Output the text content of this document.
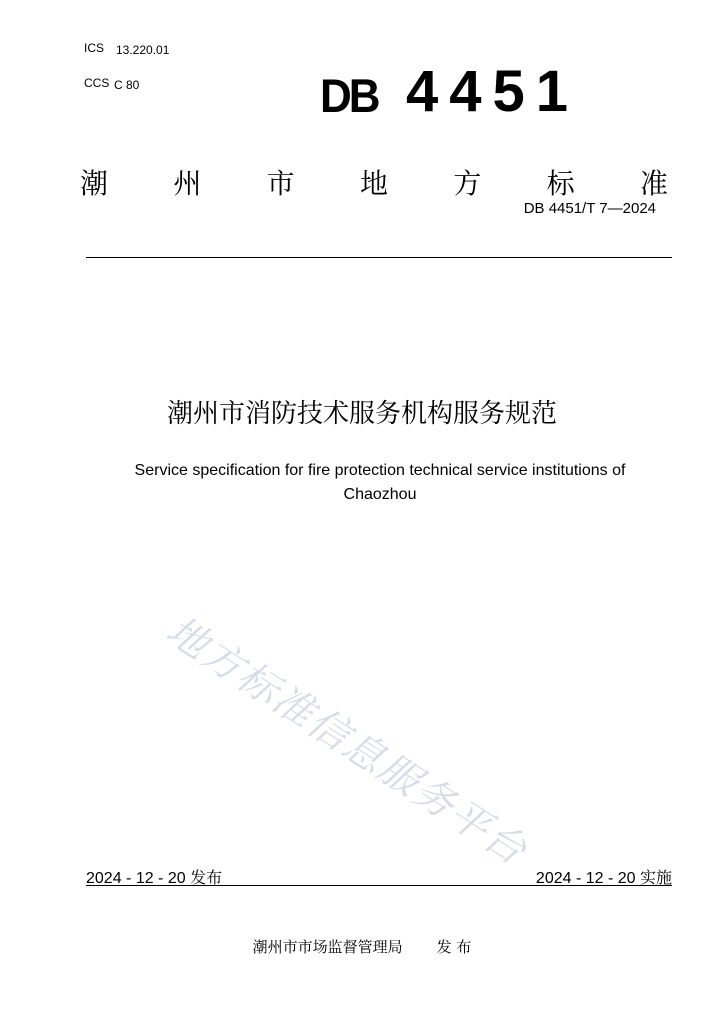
ICS 13.220.01
CCS C 80	DB 4451
潮 州 市 地 方 标 准
DB 4451/T 7—2024
潮州市消防技术服务机构服务规范
Service specification for fire protection technical service institutions of Chaozhou
地方标准信息服务平台
2024 - 12 - 20 发布	2024 - 12 - 20 实施
潮州市市场监督管理局 发 布
